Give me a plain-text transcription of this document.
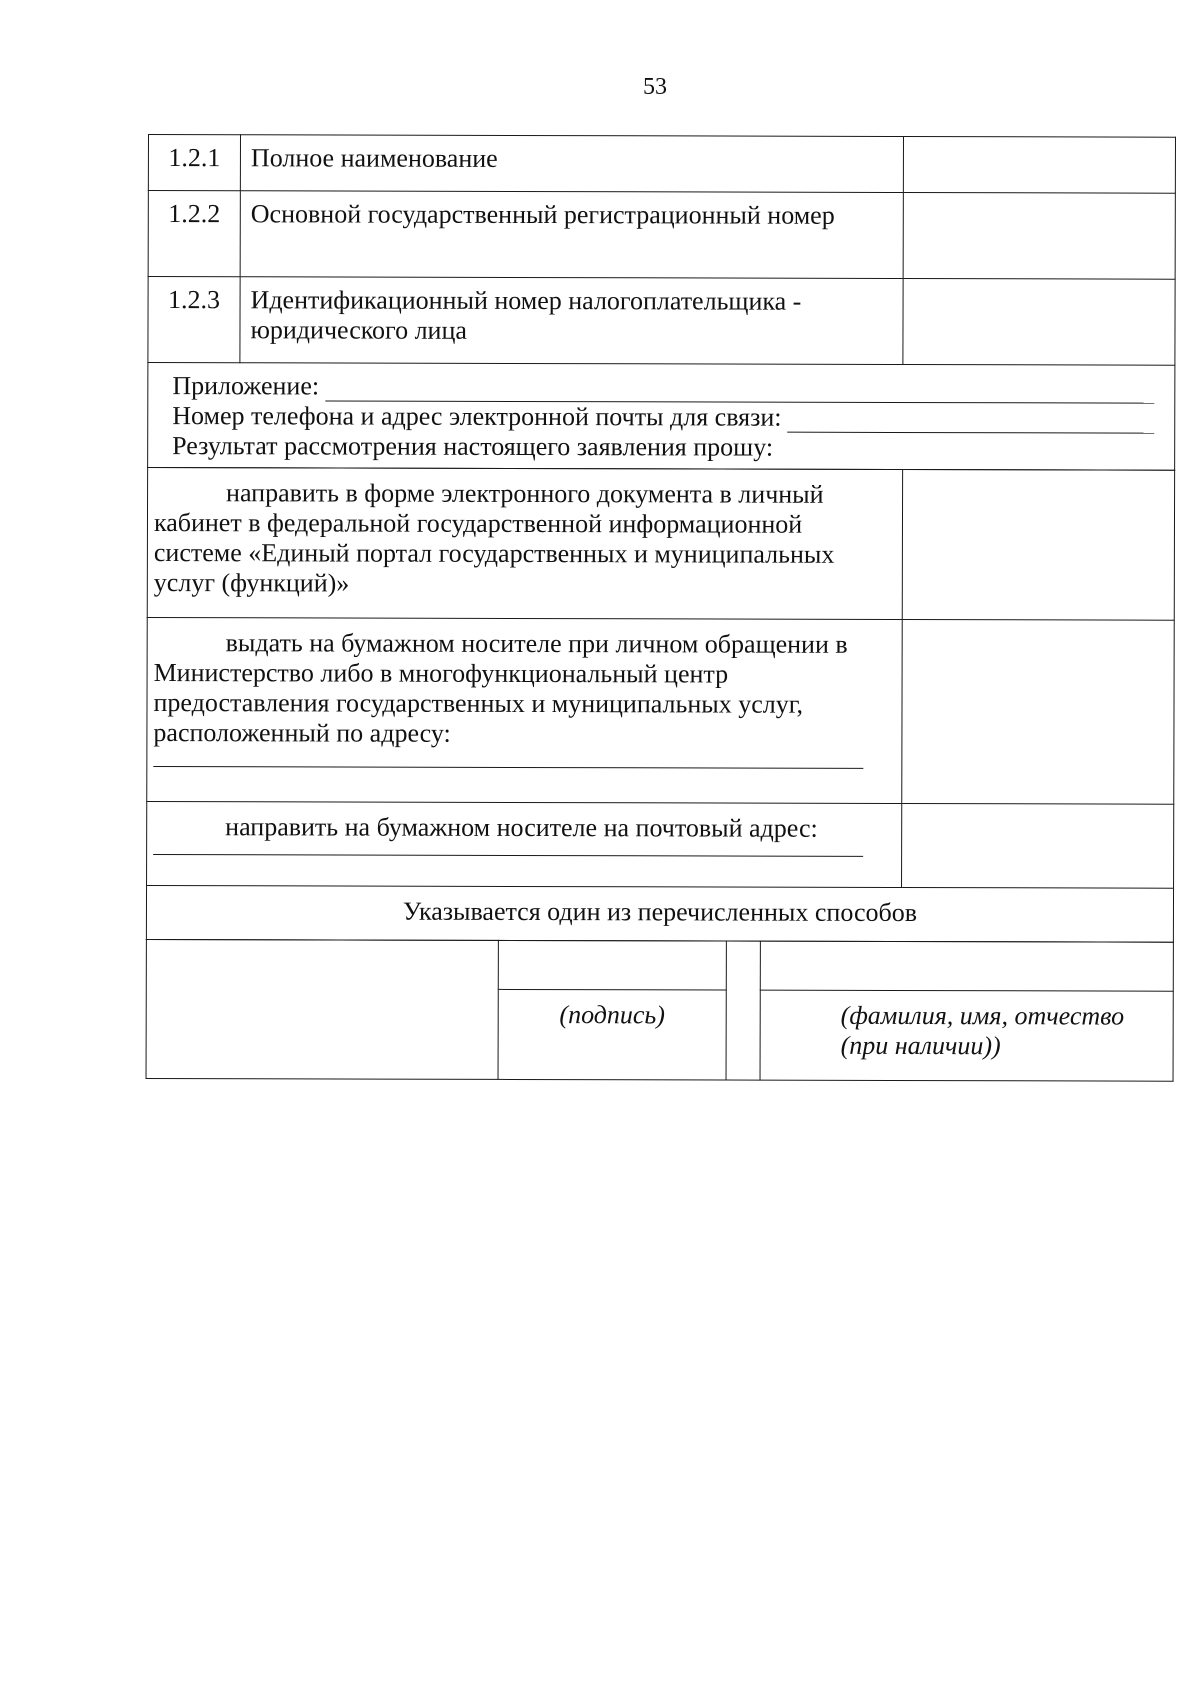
53
1.2.1	Полное наименование	
1.2.2	Основной государственный регистрационный номер	
1.2.3	Идентификационный номер налогоплательщика - юридического лица	

Приложение:
Номер телефона и адрес электронной почты для связи:
Результат рассмотрения настоящего заявления прошу:		
направить в форме электронного документа в личный кабинет в федеральной государственной информационной системе «Единый портал государственных и муниципальных услуг (функций)»	

выдать на бумажном носителе при личном обращении в Министерство либо в многофункциональный центр предоставления государственных и муниципальных услуг, расположенный по адресу:	

направить на бумажном носителе на почтовый адрес:	

Указывается один из перечисленных способов	

	(подпись)		(фамилия, имя, отчество (при наличии))
